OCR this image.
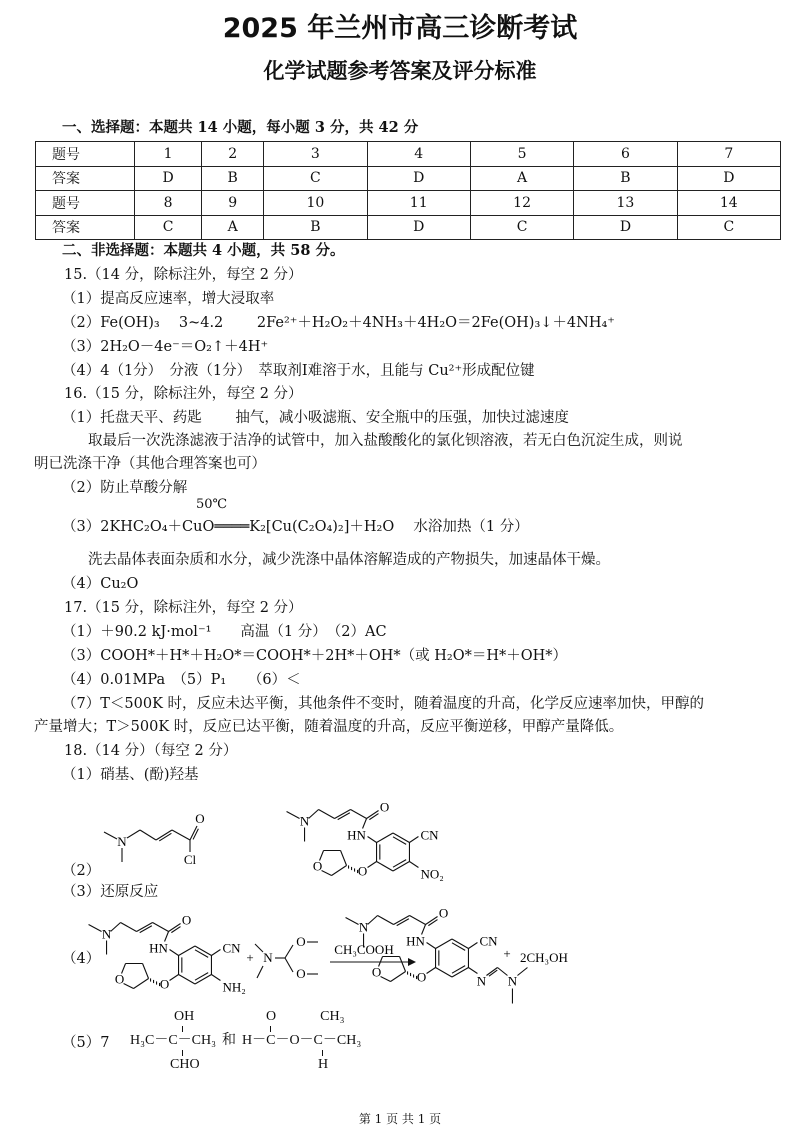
2025 年兰州市高三诊断考试
化学试题参考答案及评分标准
一、选择题：本题共 14 小题，每小题 3 分，共 42 分
题号	1	2	3	4	5	6	7
答案	D	B	C	D	A	B	D
题号	8	9	10	11	12	13	14
答案	C	A	B	D	C	D	C
二、非选择题：本题共 4 小题，共 58 分。
15.（14 分，除标注外，每空 2 分）
（1）提高反应速率，增大浸取率
（2）Fe(OH)₃　 3~4.2　　 2Fe²⁺＋H₂O₂＋4NH₃＋4H₂O＝2Fe(OH)₃↓＋4NH₄⁺
（3）2H₂O－4e⁻＝O₂↑＋4H⁺
（4）4（1分）　分液（1分）　萃取剂Ⅰ难溶于水，且能与 Cu²⁺形成配位键
16.（15 分，除标注外，每空 2 分）
（1）托盘天平、药匙　　 抽气，减小吸滤瓶、安全瓶中的压强，加快过滤速度
取最后一次洗涤滤液于洁净的试管中，加入盐酸酸化的氯化钡溶液，若无白色沉淀生成，则说
明已洗涤干净（其他合理答案也可）
（2）防止草酸分解
50℃
（3）2KHC₂O₄＋CuO════K₂[Cu(C₂O₄)₂]＋H₂O　 水浴加热（1 分）
洗去晶体表面杂质和水分，减少洗涤中晶体溶解造成的产物损失，加速晶体干燥。
（4）Cu₂O
17.（15 分，除标注外，每空 2 分）
（1）＋90.2 kJ·mol⁻¹　　高温（1 分）　（2）AC
（3）COOH*＋H*＋H₂O*＝COOH*＋2H*＋OH*（或 H₂O*＝H*＋OH*）
（4）0.01MPa　（5）P₁　　（6）＜
（7）T＜500K 时，反应未达平衡，其他条件不变时，随着温度的升高，化学反应速率加快，甲醇的
产量增大；T＞500K 时，反应已达平衡，随着温度的升高，反应平衡逆移，甲醇产量降低。
18.（14 分）（每空 2 分）
（1）硝基、(酚)羟基
（2）
（3）还原反应
（4）
（5）7
N
O
Cl
HN	CN
O
N
O
O
NO₂
HN	CN
O
N
O
O
NH₂
+ N
O
O
CH₃COOH
HN	CN
O
N
O
O
N N
+ 2CH₃OH
OH
H₃C－C－CH₃
CHO
和
O	CH₃
H－C－O－C－CH₃
H
第 1 页 共 1 页
